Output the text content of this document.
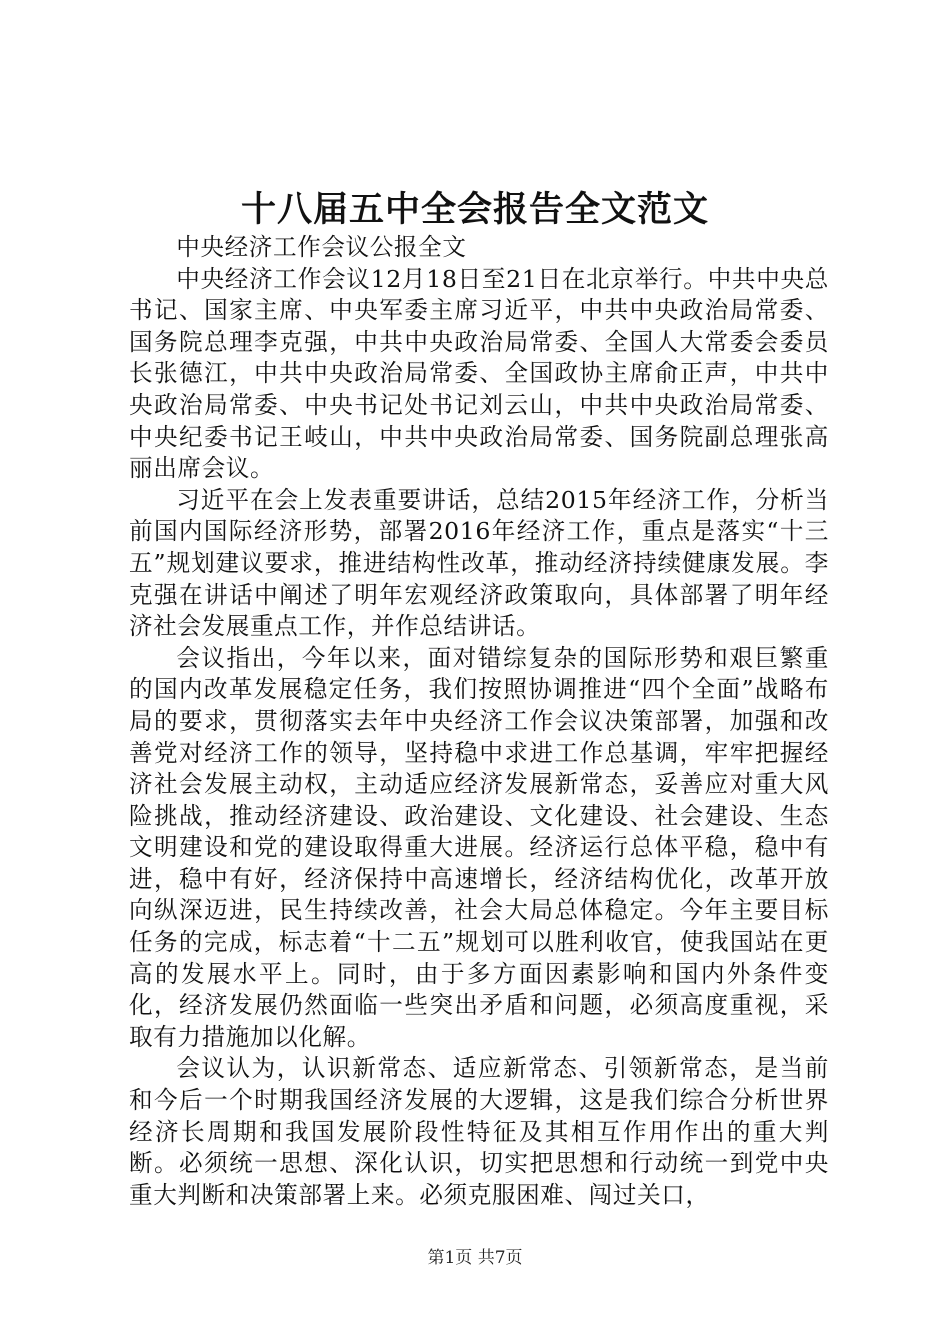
十八届五中全会报告全文范文

中央经济工作会议公报全文

中央经济工作会议12月18日至21日在北京举行。中共中央总书记、国家主席、中央军委主席习近平，中共中央政治局常委、国务院总理李克强，中共中央政治局常委、全国人大常委会委员长张德江，中共中央政治局常委、全国政协主席俞正声，中共中央政治局常委、中央书记处书记刘云山，中共中央政治局常委、中央纪委书记王岐山，中共中央政治局常委、国务院副总理张高丽出席会议。

习近平在会上发表重要讲话，总结2015年经济工作，分析当前国内国际经济形势，部署2016年经济工作，重点是落实“十三五”规划建议要求，推进结构性改革，推动经济持续健康发展。李克强在讲话中阐述了明年宏观经济政策取向，具体部署了明年经济社会发展重点工作，并作总结讲话。

会议指出，今年以来，面对错综复杂的国际形势和艰巨繁重的国内改革发展稳定任务，我们按照协调推进“四个全面”战略布局的要求，贯彻落实去年中央经济工作会议决策部署，加强和改善党对经济工作的领导，坚持稳中求进工作总基调，牢牢把握经济社会发展主动权，主动适应经济发展新常态，妥善应对重大风险挑战，推动经济建设、政治建设、文化建设、社会建设、生态文明建设和党的建设取得重大进展。经济运行总体平稳，稳中有进，稳中有好，经济保持中高速增长，经济结构优化，改革开放向纵深迈进，民生持续改善，社会大局总体稳定。今年主要目标任务的完成，标志着“十二五”规划可以胜利收官，使我国站在更高的发展水平上。同时，由于多方面因素影响和国内外条件变化，经济发展仍然面临一些突出矛盾和问题，必须高度重视，采取有力措施加以化解。

会议认为，认识新常态、适应新常态、引领新常态，是当前和今后一个时期我国经济发展的大逻辑，这是我们综合分析世界经济长周期和我国发展阶段性特征及其相互作用作出的重大判断。必须统一思想、深化认识，切实把思想和行动统一到党中央重大判断和决策部署上来。必须克服困难、闯过关口，

第1页 共7页
